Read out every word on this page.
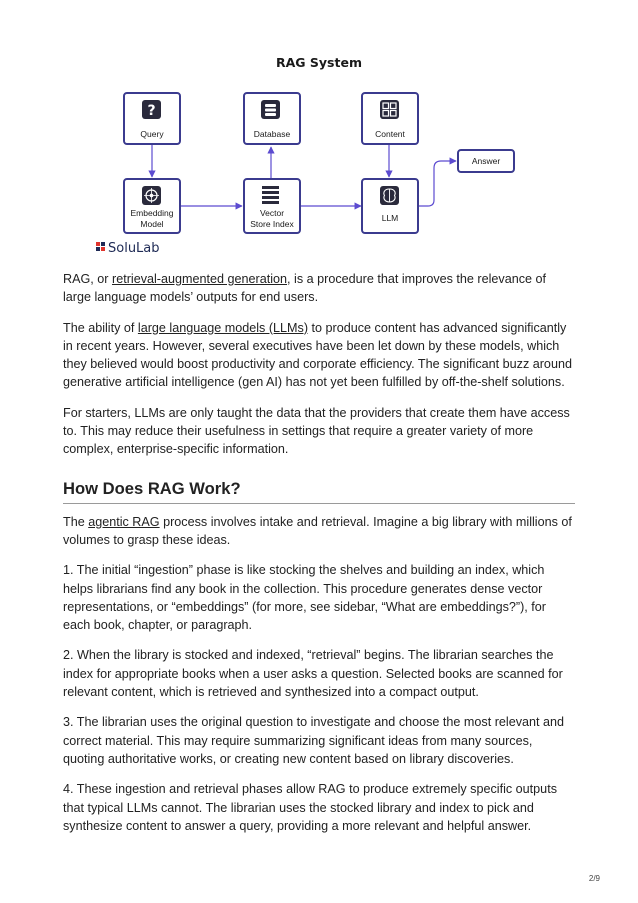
RAG System
?
Query	Database	Content
Answer
Embedding
Model
Vector
Store Index
LLM
SoluLab

RAG, or retrieval-augmented generation, is a procedure that improves the relevance of large language models’ outputs for end users.

The ability of large language models (LLMs) to produce content has advanced significantly in recent years. However, several executives have been let down by these models, which they believed would boost productivity and corporate efficiency. The significant buzz around generative artificial intelligence (gen AI) has not yet been fulfilled by off-the-shelf solutions.

For starters, LLMs are only taught the data that the providers that create them have access to. This may reduce their usefulness in settings that require a greater variety of more complex, enterprise-specific information.

How Does RAG Work?

The agentic RAG process involves intake and retrieval. Imagine a big library with millions of volumes to grasp these ideas.

1. The initial “ingestion” phase is like stocking the shelves and building an index, which helps librarians find any book in the collection. This procedure generates dense vector representations, or “embeddings” (for more, see sidebar, “What are embeddings?”), for each book, chapter, or paragraph.

2. When the library is stocked and indexed, “retrieval” begins. The librarian searches the index for appropriate books when a user asks a question. Selected books are scanned for relevant content, which is retrieved and synthesized into a compact output.

3. The librarian uses the original question to investigate and choose the most relevant and correct material. This may require summarizing significant ideas from many sources, quoting authoritative works, or creating new content based on library discoveries.

4. These ingestion and retrieval phases allow RAG to produce extremely specific outputs that typical LLMs cannot. The librarian uses the stocked library and index to pick and synthesize content to answer a query, providing a more relevant and helpful answer.

2/9
